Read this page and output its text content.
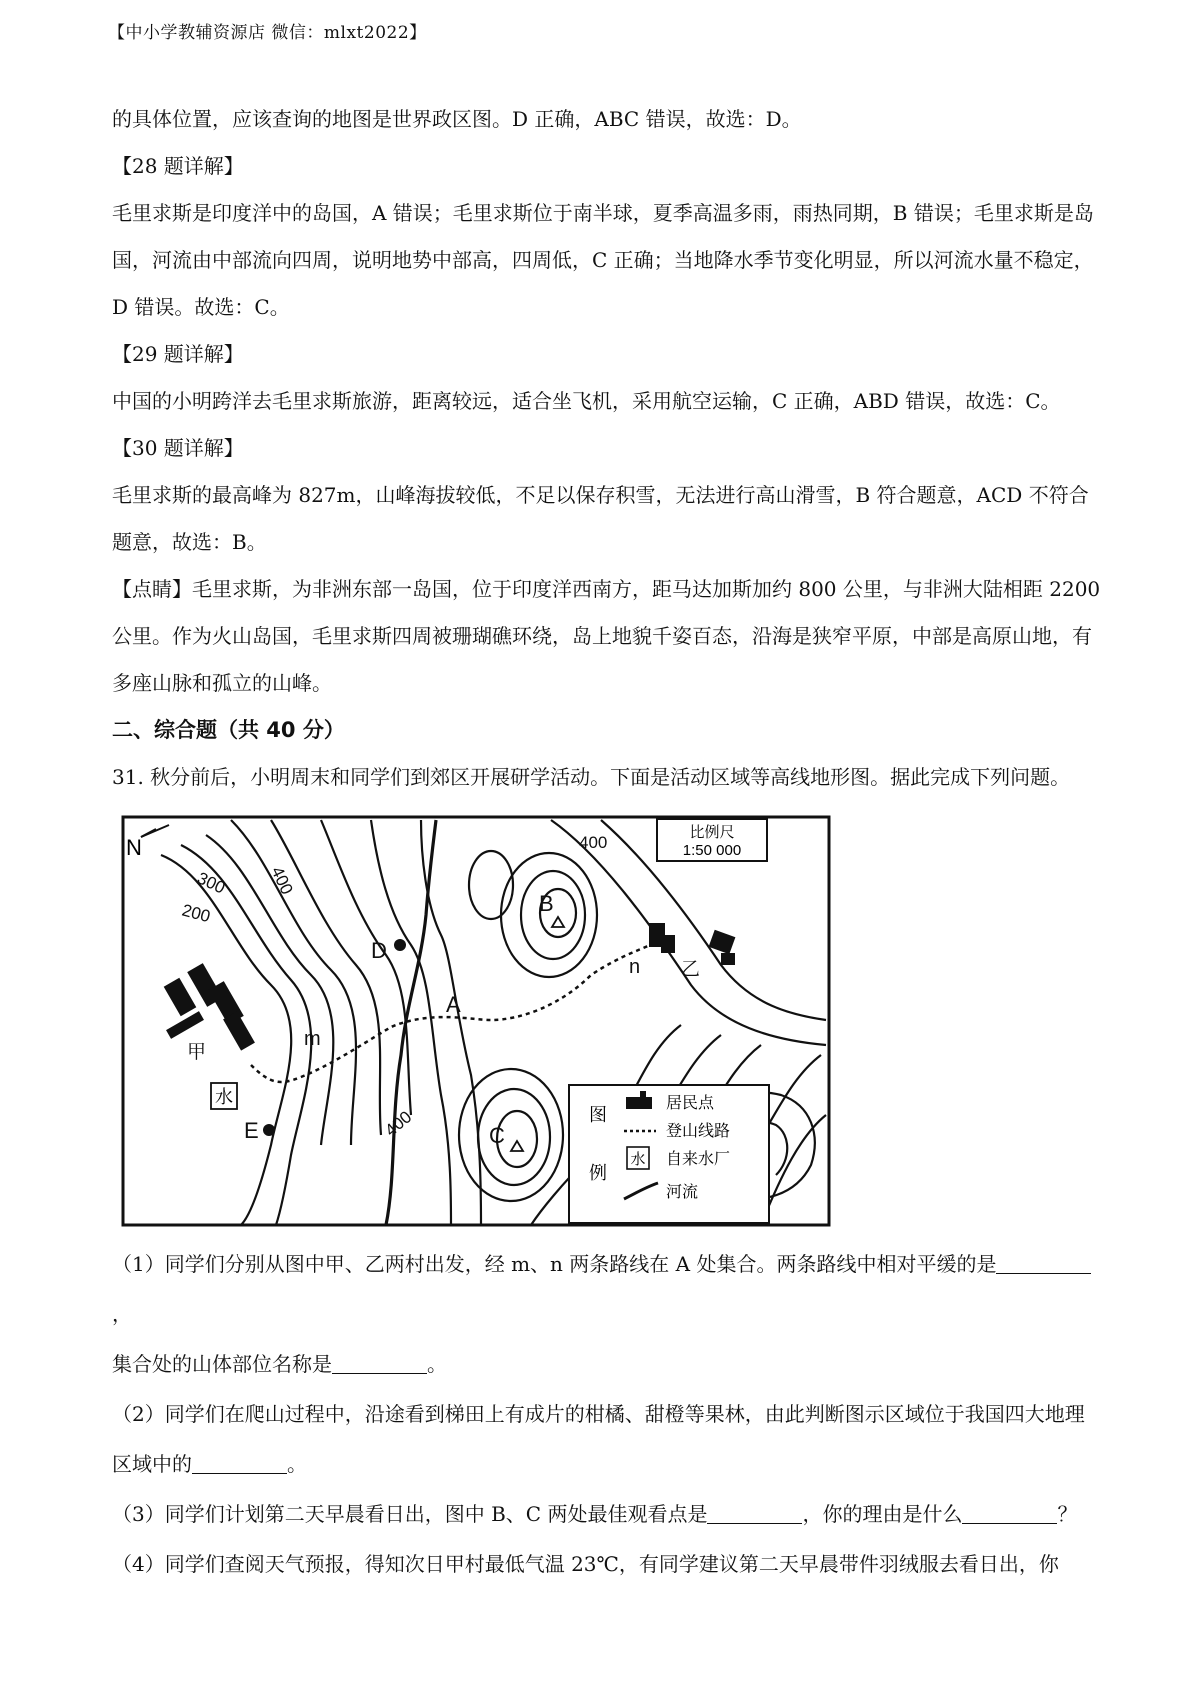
【中小学教辅资源店 微信：mlxt2022】

的具体位置，应该查询的地图是世界政区图。D 正确，ABC 错误，故选：D。

【28 题详解】

毛里求斯是印度洋中的岛国，A 错误；毛里求斯位于南半球，夏季高温多雨，雨热同期，B 错误；毛里求斯是岛国，河流由中部流向四周，说明地势中部高，四周低，C 正确；当地降水季节变化明显，所以河流水量不稳定，D 错误。故选：C。

【29 题详解】

中国的小明跨洋去毛里求斯旅游，距离较远，适合坐飞机，采用航空运输，C 正确，ABD 错误，故选：C。

【30 题详解】

毛里求斯的最高峰为 827m，山峰海拔较低，不足以保存积雪，无法进行高山滑雪，B 符合题意，ACD 不符合题意，故选：B。

【点睛】毛里求斯，为非洲东部一岛国，位于印度洋西南方，距马达加斯加约 800 公里，与非洲大陆相距 2200 公里。作为火山岛国，毛里求斯四周被珊瑚礁环绕，岛上地貌千姿百态，沿海是狭窄平原，中部是高原山地，有多座山脉和孤立的山峰。

二、综合题（共 40 分）

31. 秋分前后，小明周末和同学们到郊区开展研学活动。下面是活动区域等高线地形图。据此完成下列问题。

N
比例尺
1:50 000
300
200
400
400
400
B
C
D
E
A
m
n
甲
乙
水
图
例
居民点
登山线路
水 自来水厂
河流

（1）同学们分别从图中甲、乙两村出发，经 m、n 两条路线在 A 处集合。两条路线中相对平缓的是，

集合处的山体部位名称是	。

（2）同学们在爬山过程中，沿途看到梯田上有成片的柑橘、甜橙等果林，由此判断图示区域位于我国四大地理区域中的	。

（3）同学们计划第二天早晨看日出，图中 B、C 两处最佳观看点是	，你的理由是什么	？

（4）同学们查阅天气预报，得知次日甲村最低气温 23℃，有同学建议第二天早晨带件羽绒服去看日出，你
